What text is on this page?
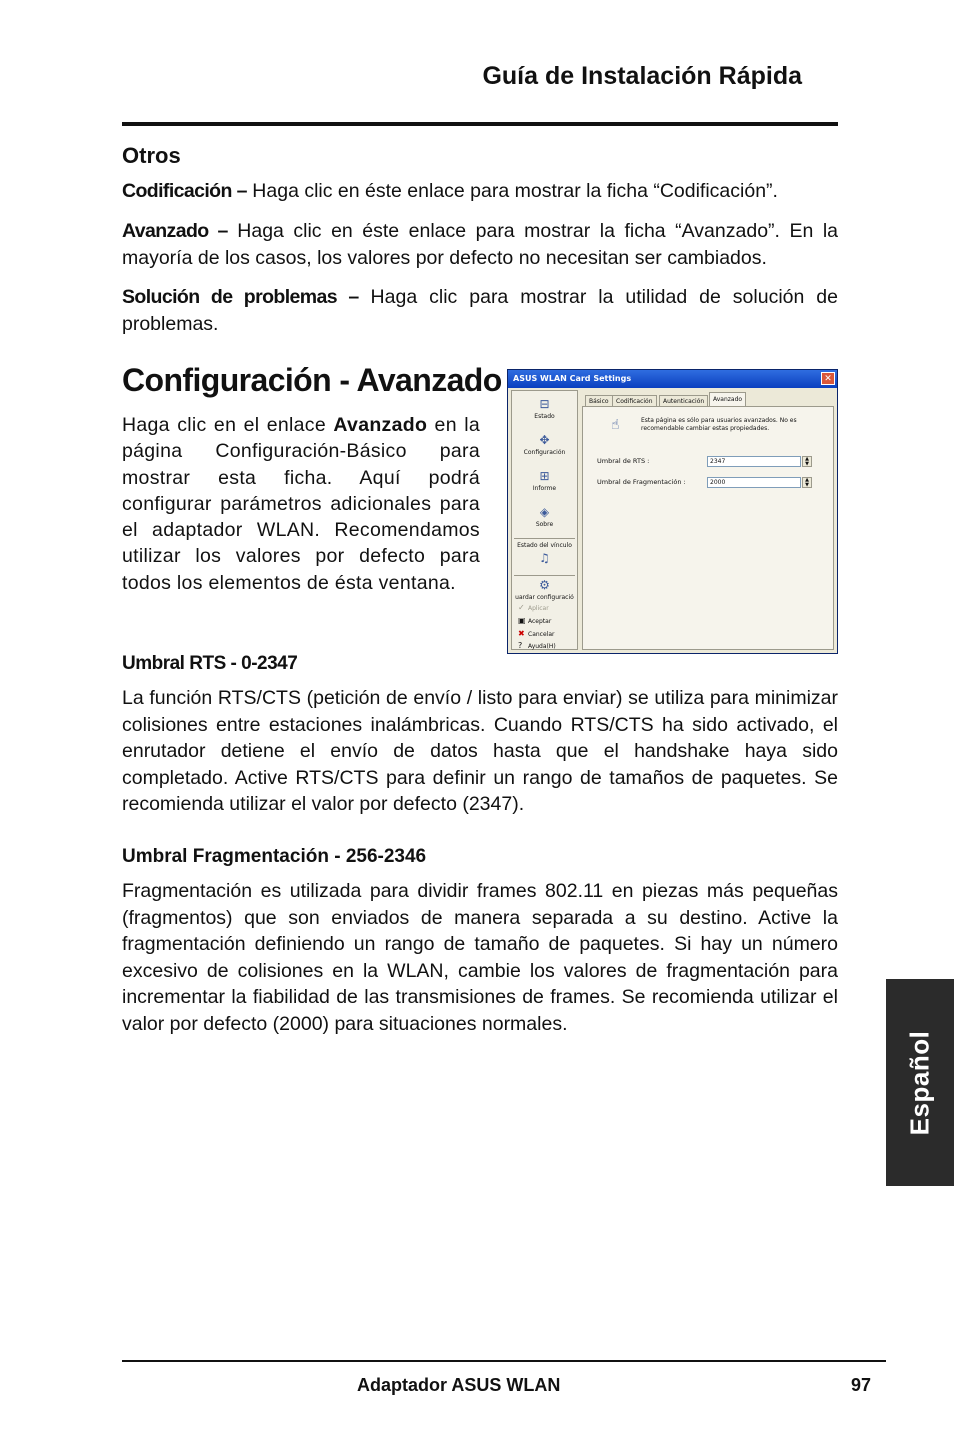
Guía de Instalación Rápida
Otros

Codificación – Haga clic en éste enlace para mostrar la ficha “Codificación”.

Avanzado – Haga clic en éste enlace para mostrar la ficha “Avanzado”. En la mayoría de los casos, los valores por defecto no necesitan ser cambiados.

Solución de problemas – Haga clic para mostrar la utilidad de solución de problemas.

Configuración - Avanzado

Haga clic en el enlace Avanzado en la página Configuración-Básico para mostrar esta ficha. Aquí podrá configurar parámetros adicionales para el adaptador WLAN. Recomendamos utilizar los valores por defecto para todos los elementos de ésta ventana.

ASUS WLAN Card Settings	✕
⊟
Estado
✥
Configuración
⊞
Informe
◈
Sobre
Estado del vínculo
♫
⚙
uardar configuració
✓ Aplicar
▣ Aceptar
✖ Cancelar
? Ayuda(H)
Básico	Codificación	Autenticación	Avanzado
☝	Esta página es sólo para usuarios avanzados. No es recomendable cambiar estas propiedades.
Umbral de RTS :	2347	▲
▼
Umbral de Fragmentación :	2000	▲
▼
Umbral RTS - 0-2347

La función RTS/CTS (petición de envío / listo para enviar) se utiliza para minimizar colisiones entre estaciones inalámbricas. Cuando RTS/CTS ha sido activado, el enrutador detiene el envío de datos hasta que el handshake haya sido completado. Active RTS/CTS para definir un rango de tamaños de paquetes. Se recomienda utilizar el valor por defecto (2347).

Umbral Fragmentación - 256-2346

Fragmentación es utilizada para dividir frames 802.11 en piezas más pequeñas (fragmentos) que son enviados de manera separada a su destino. Active la fragmentación definiendo un rango de tamaño de paquetes. Si hay un número excesivo de colisiones en la WLAN, cambie los valores de fragmentación para incrementar la fiabilidad de las transmisiones de frames. Se recomienda utilizar el valor por defecto (2000) para situaciones normales.

Español
Adaptador ASUS WLAN	97
